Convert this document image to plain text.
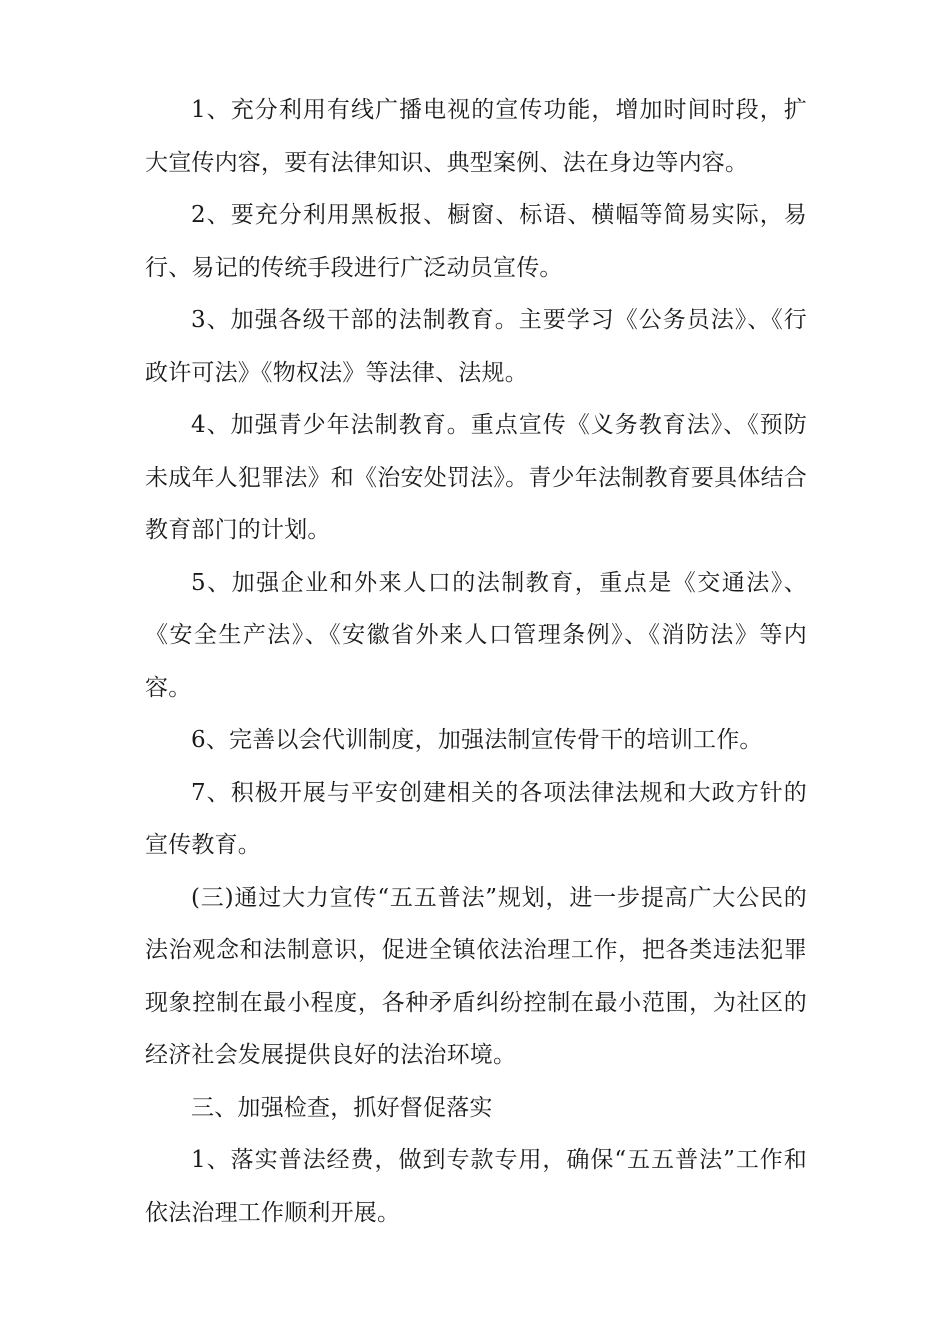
1、充分利用有线广播电视的宣传功能，增加时间时段，扩大宣传内容，要有法律知识、典型案例、法在身边等内容。

2、要充分利用黑板报、橱窗、标语、横幅等简易实际，易行、易记的传统手段进行广泛动员宣传。

3、加强各级干部的法制教育。主要学习《公务员法》、《行政许可法》《物权法》等法律、法规。

4、加强青少年法制教育。重点宣传《义务教育法》、《预防未成年人犯罪法》和《治安处罚法》。青少年法制教育要具体结合教育部门的计划。

5、加强企业和外来人口的法制教育，重点是《交通法》、《安全生产法》、《安徽省外来人口管理条例》、《消防法》等内容。

6、完善以会代训制度，加强法制宣传骨干的培训工作。

7、积极开展与平安创建相关的各项法律法规和大政方针的宣传教育。

(三)通过大力宣传“五五普法”规划，进一步提高广大公民的法治观念和法制意识，促进全镇依法治理工作，把各类违法犯罪现象控制在最小程度，各种矛盾纠纷控制在最小范围，为社区的经济社会发展提供良好的法治环境。

三、加强检查，抓好督促落实

1、落实普法经费，做到专款专用，确保“五五普法”工作和依法治理工作顺利开展。
